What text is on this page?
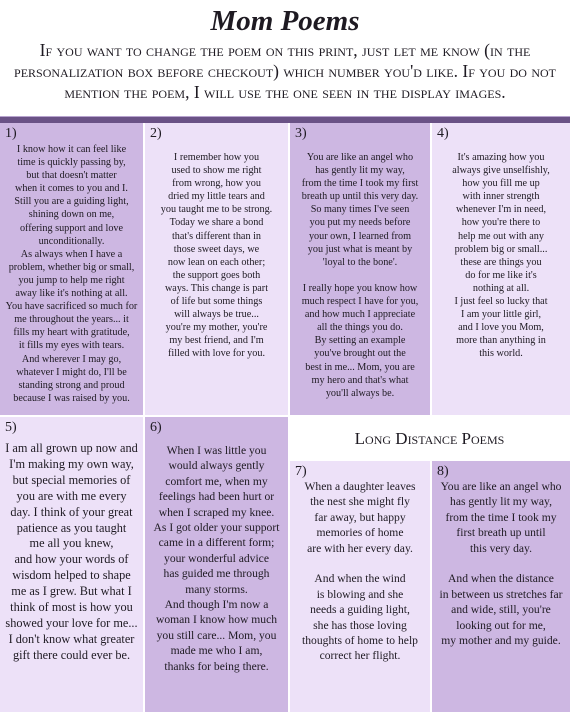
Mom Poems
If you want to change the poem on this print, just let me know (in the personalization box before checkout) which number you'd like. If you do not mention the poem, I will use the one seen in the display images.
1)
I know how it can feel like
time is quickly passing by,
but that doesn't matter
when it comes to you and I.
Still you are a guiding light,
shining down on me,
offering support and love
unconditionally.
As always when I have a
problem, whether big or small,
you jump to help me right
away like it's nothing at all.
You have sacrificed so much for
me throughout the years... it
fills my heart with gratitude,
it fills my eyes with tears.
And wherever I may go,
whatever I might do, I'll be
standing strong and proud
because I was raised by you.
2)
I remember how you
used to show me right
from wrong, how you
dried my little tears and
you taught me to be strong.
Today we share a bond
that's different than in
those sweet days, we
now lean on each other;
the support goes both
ways. This change is part
of life but some things
will always be true...
you're my mother, you're
my best friend, and I'm
filled with love for you.
3)
You are like an angel who
has gently lit my way,
from the time I took my first
breath up until this very day.
So many times I've seen
you put my needs before
your own, I learned from
you just what is meant by
'loyal to the bone'.

I really hope you know how
much respect I have for you,
and how much I appreciate
all the things you do.
By setting an example
you've brought out the
best in me... Mom, you are
my hero and that's what
you'll always be.
4)
It's amazing how you
always give unselfishly,
how you fill me up
with inner strength
whenever I'm in need,
how you're there to
help me out with any
problem big or small...
these are things you
do for me like it's
nothing at all.
I just feel so lucky that
I am your little girl,
and I love you Mom,
more than anything in
this world.
5)
I am all grown up now and
I'm making my own way,
but special memories of
you are with me every
day. I think of your great
patience as you taught
me all you knew,
and how your words of
wisdom helped to shape
me as I grew. But what I
think of most is how you
showed your love for me...
I don't know what greater
gift there could ever be.
6)
When I was little you
would always gently
comfort me, when my
feelings had been hurt or
when I scraped my knee.
As I got older your support
came in a different form;
your wonderful advice
has guided me through
many storms.
And though I'm now a
woman I know how much
you still care... Mom, you
made me who I am,
thanks for being there.
Long Distance Poems
7)
When a daughter leaves
the nest she might fly
far away, but happy
memories of home
are with her every day.

And when the wind
is blowing and she
needs a guiding light,
she has those loving
thoughts of home to help
correct her flight.
8)
You are like an angel who
has gently lit my way,
from the time I took my
first breath up until
this very day.

And when the distance
in between us stretches far
and wide, still, you're
looking out for me,
my mother and my guide.
